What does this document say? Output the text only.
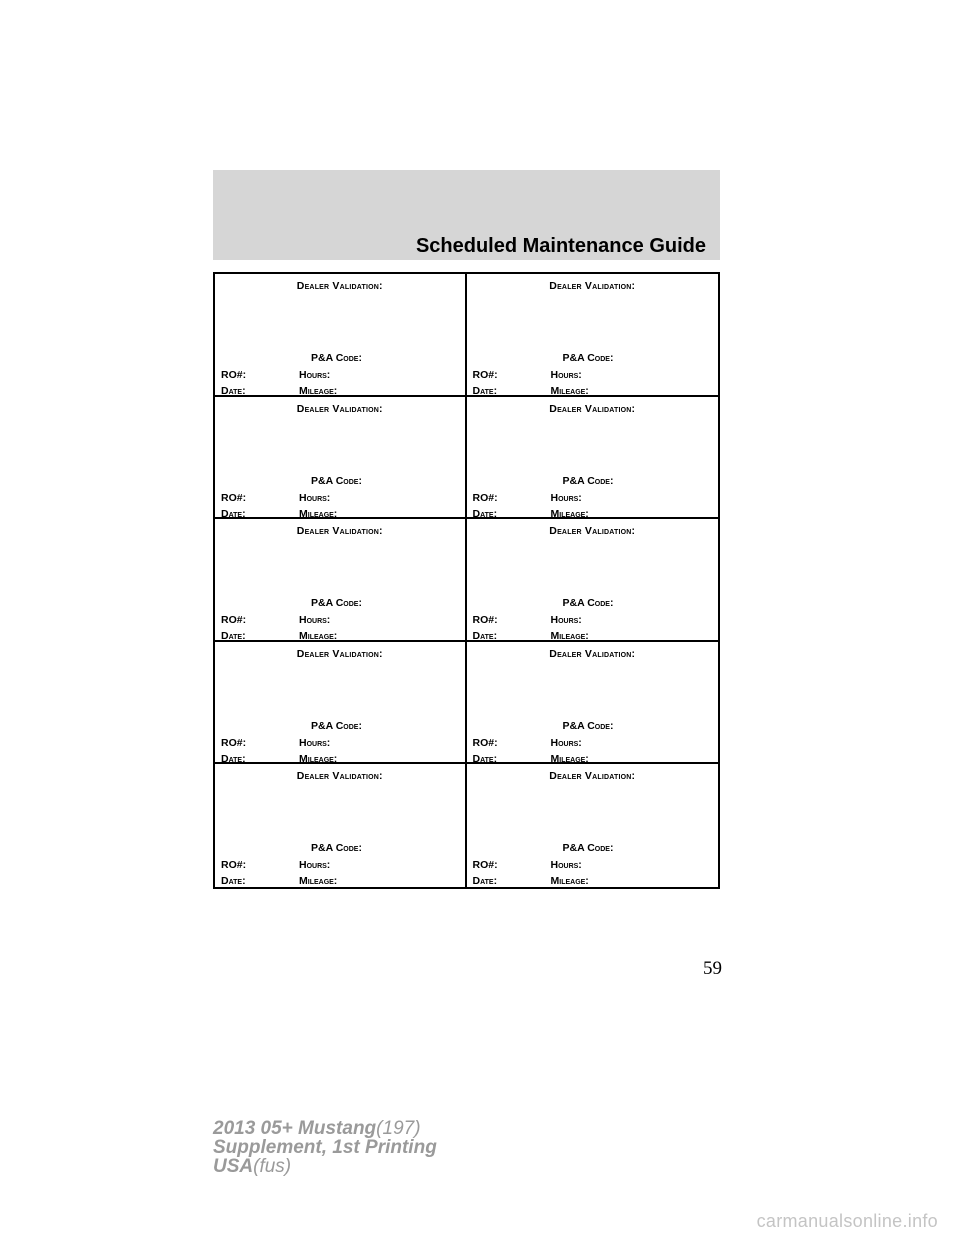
Scheduled Maintenance Guide
Dealer Validation:
P&A Code:
RO#:	Hours:
Date:	Mileage:
Dealer Validation:
P&A Code:
RO#:	Hours:
Date:	Mileage:
Dealer Validation:
P&A Code:
RO#:	Hours:
Date:	Mileage:
Dealer Validation:
P&A Code:
RO#:	Hours:
Date:	Mileage:
Dealer Validation:
P&A Code:
RO#:	Hours:
Date:	Mileage:
Dealer Validation:
P&A Code:
RO#:	Hours:
Date:	Mileage:
Dealer Validation:
P&A Code:
RO#:	Hours:
Date:	Mileage:
Dealer Validation:
P&A Code:
RO#:	Hours:
Date:	Mileage:
Dealer Validation:
P&A Code:
RO#:	Hours:
Date:	Mileage:
Dealer Validation:
P&A Code:
RO#:	Hours:
Date:	Mileage:
59
2013 05+ Mustang(197)
Supplement, 1st Printing
USA(fus)
carmanualsonline.info
